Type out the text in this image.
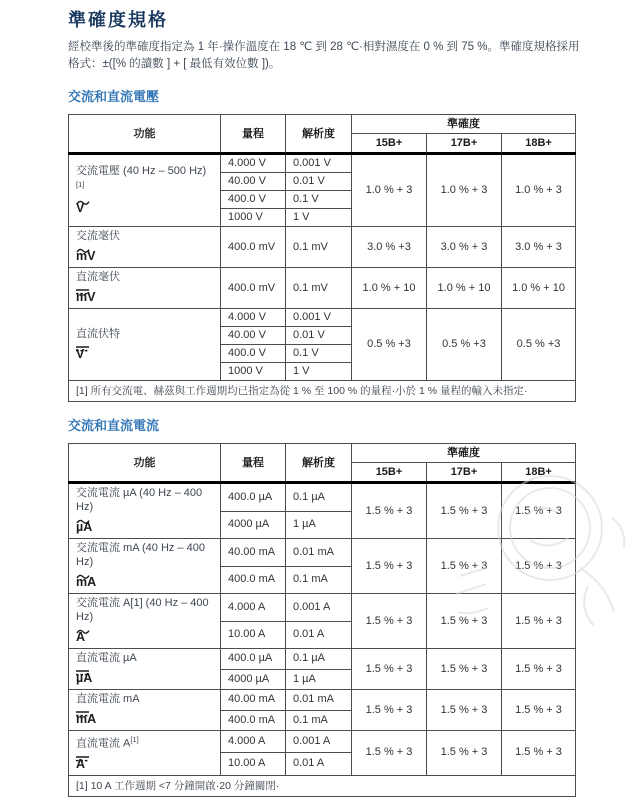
準確度規格

經校準後的準確度指定為 1 年·操作溫度在 18 ℃ 到 28 ℃·相對濕度在 0 % 到 75 %。準確度規格採用格式：±([% 的讀數 ] + [ 最低有效位數 ])。

交流和直流電壓
功能	量程	解析度	準確度		
			15B+	17B+	18B+

交流電壓 (40 Hz – 500 Hz)[1]
V	4.000 V	0.001 V	1.0 % + 3	1.0 % + 3	1.0 % + 3
	40.00 V	0.01 V			
	400.0 V	0.1 V			
	1000 V	1 V			

交流毫伏
mV	400.0 mV	0.1 mV	3.0 % +3	3.0 % + 3	3.0 % + 3

直流毫伏
mV	400.0 mV	0.1 mV	1.0 % + 10	1.0 % + 10	1.0 % + 10

直流伏特
V	4.000 V	0.001 V	0.5 % +3	0.5 % +3	0.5 % +3
	40.00 V	0.01 V			
	400.0 V	0.1 V			
	1000 V	1 V			
[1] 所有交流電、赫茲與工作週期均已指定為從 1 % 至 100 % 的量程·小於 1 % 量程的輸入未指定·					
交流和直流電流
功能	量程	解析度	準確度		
			15B+	17B+	18B+

交流電流 µA (40 Hz – 400 Hz)
µA	400.0 µA	0.1 µA	1.5 % + 3	1.5 % + 3	1.5 % + 3
	4000 µA	1 µA			

交流電流 mA (40 Hz – 400 Hz)
mA	40.00 mA	0.01 mA	1.5 % + 3	1.5 % + 3	1.5 % + 3
	400.0 mA	0.1 mA			

交流電流 A[1] (40 Hz – 400 Hz)
A	4.000 A	0.001 A	1.5 % + 3	1.5 % + 3	1.5 % + 3
	10.00 A	0.01 A			

直流電流 µA
µA	400.0 µA	0.1 µA	1.5 % + 3	1.5 % + 3	1.5 % + 3
	4000 µA	1 µA			

直流電流 mA
mA	40.00 mA	0.01 mA	1.5 % + 3	1.5 % + 3	1.5 % + 3
	400.0 mA	0.1 mA			

直流電流 A[1]
A	4.000 A	0.001 A	1.5 % + 3	1.5 % + 3	1.5 % + 3
	10.00 A	0.01 A			
[1] 10 A 工作週期 <7 分鐘開啟·20 分鐘關閉·					
